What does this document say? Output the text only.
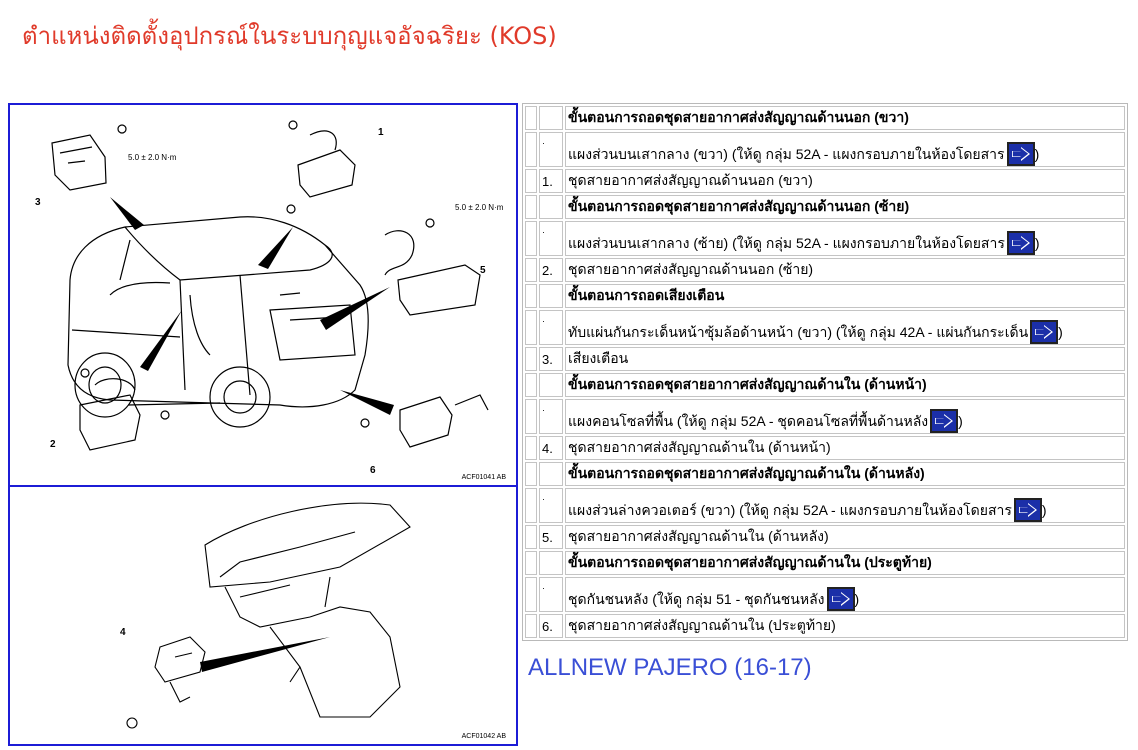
ตำแหน่งติดตั้งอุปกรณ์ในระบบกุญแจอัจฉริยะ (KOS)
1
2
3
5
6
5.0 ± 2.0 N·m
5.0 ± 2.0 N·m
ACF01041 AB
4
ACF01042 AB
		ขั้นตอนการถอดชุดสายอากาศส่งสัญญาณด้านนอก (ขวา)

	·	แผงส่วนบนเสากลาง (ขวา) (ให้ดู กลุ่ม 52A - แผงกรอบภายในห้องโดยสาร )
	1.	ชุดสายอากาศส่งสัญญาณด้านนอก (ขวา)
		ขั้นตอนการถอดชุดสายอากาศส่งสัญญาณด้านนอก (ซ้าย)

	·	แผงส่วนบนเสากลาง (ซ้าย) (ให้ดู กลุ่ม 52A - แผงกรอบภายในห้องโดยสาร )
	2.	ชุดสายอากาศส่งสัญญาณด้านนอก (ซ้าย)
		ขั้นตอนการถอดเสียงเตือน

	·	ทับแผ่นกันกระเด็นหน้าซุ้มล้อด้านหน้า (ขวา) (ให้ดู กลุ่ม 42A - แผ่นกันกระเด็น )
	3.	เสียงเตือน
		ขั้นตอนการถอดชุดสายอากาศส่งสัญญาณด้านใน (ด้านหน้า)

	·	แผงคอนโซลที่พื้น (ให้ดู กลุ่ม 52A - ชุดคอนโซลที่พื้นด้านหลัง )
	4.	ชุดสายอากาศส่งสัญญาณด้านใน (ด้านหน้า)
		ขั้นตอนการถอดชุดสายอากาศส่งสัญญาณด้านใน (ด้านหลัง)

	·	แผงส่วนล่างควอเตอร์ (ขวา) (ให้ดู กลุ่ม 52A - แผงกรอบภายในห้องโดยสาร )
	5.	ชุดสายอากาศส่งสัญญาณด้านใน (ด้านหลัง)
		ขั้นตอนการถอดชุดสายอากาศส่งสัญญาณด้านใน (ประตูท้าย)

	·	ชุดกันชนหลัง (ให้ดู กลุ่ม 51 - ชุดกันชนหลัง )
	6.	ชุดสายอากาศส่งสัญญาณด้านใน (ประตูท้าย)
ALLNEW PAJERO (16-17)
